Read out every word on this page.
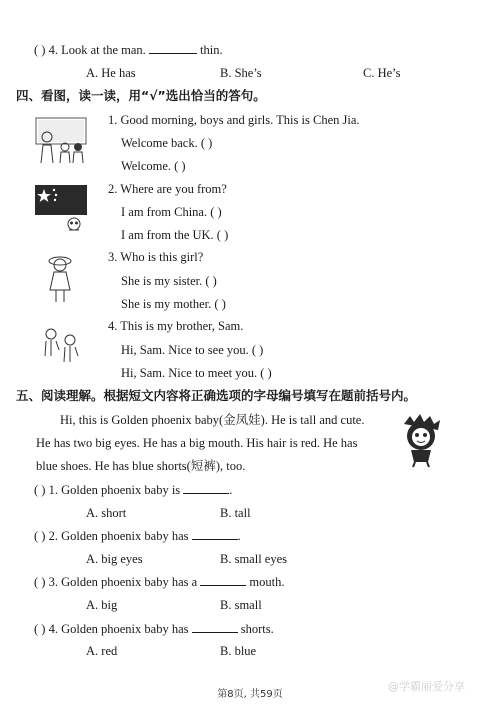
( ) 4. Look at the man.	thin.
A. He has	B. She’s	C. He’s
四、看图，读一读，用“√”选出恰当的答句。
1. Good morning, boys and girls. This is Chen Jia.
Welcome back. ( )
Welcome. ( )
2. Where are you from?
I am from China. ( )
I am from the UK. ( )
3. Who is this girl?
She is my sister. ( )
She is my mother. ( )
4. This is my brother, Sam.
Hi, Sam. Nice to see you. ( )
Hi, Sam. Nice to meet you. ( )
五、阅读理解。根据短文内容将正确选项的字母编号填写在题前括号内。
Hi, this is Golden phoenix baby(金凤娃). He is tall and cute.
He has two big eyes. He has a big mouth. His hair is red. He has
blue shoes. He has blue shorts(短裤), too.
( ) 1. Golden phoenix baby is	.
A. short	B. tall
( ) 2. Golden phoenix baby has	.
A. big eyes	B. small eyes
( ) 3. Golden phoenix baby has a	mouth.
A. big	B. small
( ) 4. Golden phoenix baby has	shorts.
A. red	B. blue
第8页, 共59页
@学霸丽爱分享
